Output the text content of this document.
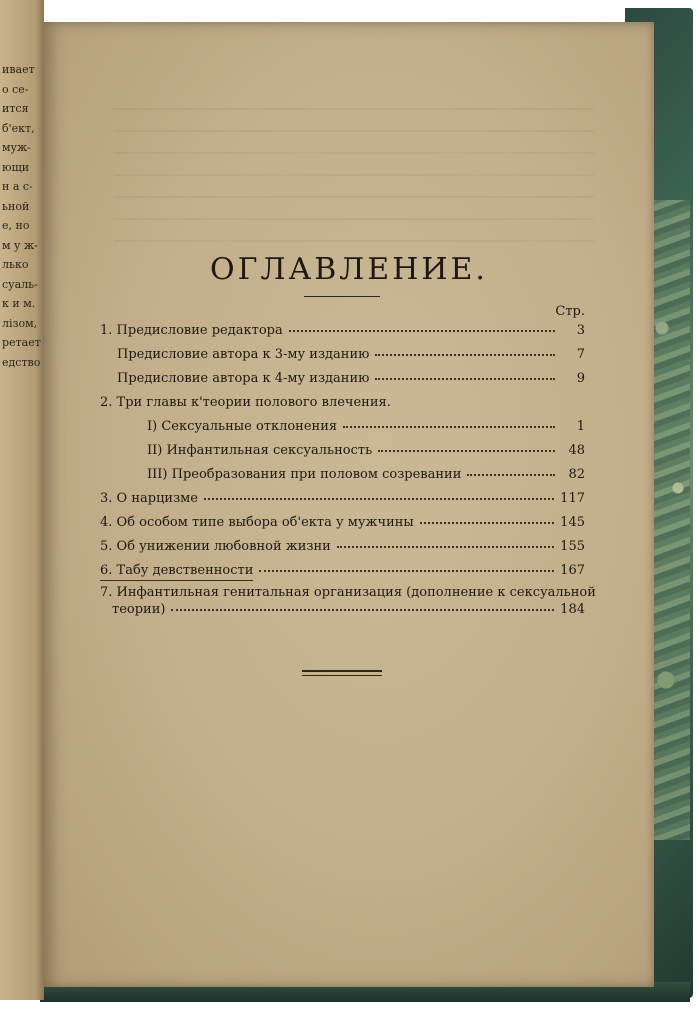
ивает
о се-
ится
б'ект,
муж-
ющи
н а с-
ьной
е, но
м у ж-
лько
суаль-
к и м.
лiзом,
ретает
едство
ОГЛАВЛЕНИЕ.
Стр.
1. Предисловие редактора	3
Предисловие автора к 3-му изданию	7
Предисловие автора к 4-му изданию	9
2. Три главы к'теории полового влечения.
I) Сексуальные отклонения	1
II) Инфантильная сексуальность	48
III) Преобразования при половом созревании	82
3. О нарцизме	117
4. Об особом типе выбора об'екта у мужчины	145
5. Об унижении любовной жизни	155
6. Табу девственности	167
7. Инфантильная генитальная организация (дополнение к сексуальной
теории)	184
